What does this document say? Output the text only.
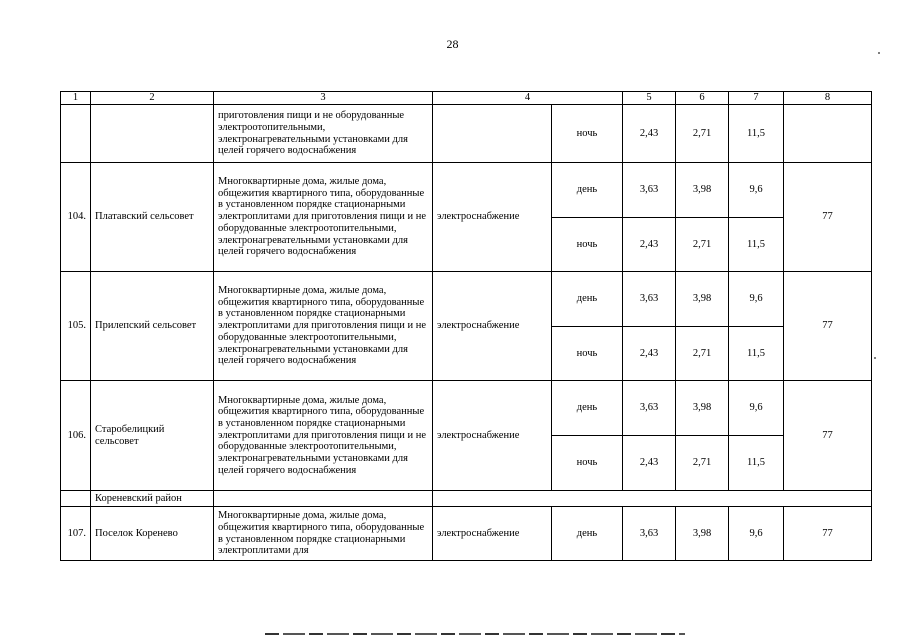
28
1	2	3	4		5	6	7	8
		приготовления пищи и не оборудованные электроотопительными, электронагревательными установками для целей горячего водоснабжения		ночь	2,43	2,71	11,5	
104.	Платавский сельсовет	Многоквартирные дома, жилые дома, общежития квартирного типа, оборудованные в установленном порядке стационарными электроплитами для приготовления пищи и не оборудованные электроотопительными, электронагревательными установками для целей горячего водоснабжения	электроснабжение	день	3,63	3,98	9,6	77
				ночь	2,43	2,71	11,5	
105.	Прилепский сельсовет	Многоквартирные дома, жилые дома, общежития квартирного типа, оборудованные в установленном порядке стационарными электроплитами для приготовления пищи и не оборудованные электроотопительными, электронагревательными установками для целей горячего водоснабжения	электроснабжение	день	3,63	3,98	9,6	77
				ночь	2,43	2,71	11,5	
106.	Старобелицкий сельсовет	Многоквартирные дома, жилые дома, общежития квартирного типа, оборудованные в установленном порядке стационарными электроплитами для приготовления пищи и не оборудованные электроотопительными, электронагревательными установками для целей горячего водоснабжения	электроснабжение	день	3,63	3,98	9,6	77
				ночь	2,43	2,71	11,5	
	Кореневский район							
107.	Поселок Кореневo	Многоквартирные дома, жилые дома, общежития квартирного типа, оборудованные в установленном порядке стационарными электроплитами для	электроснабжение	день	3,63	3,98	9,6	77
